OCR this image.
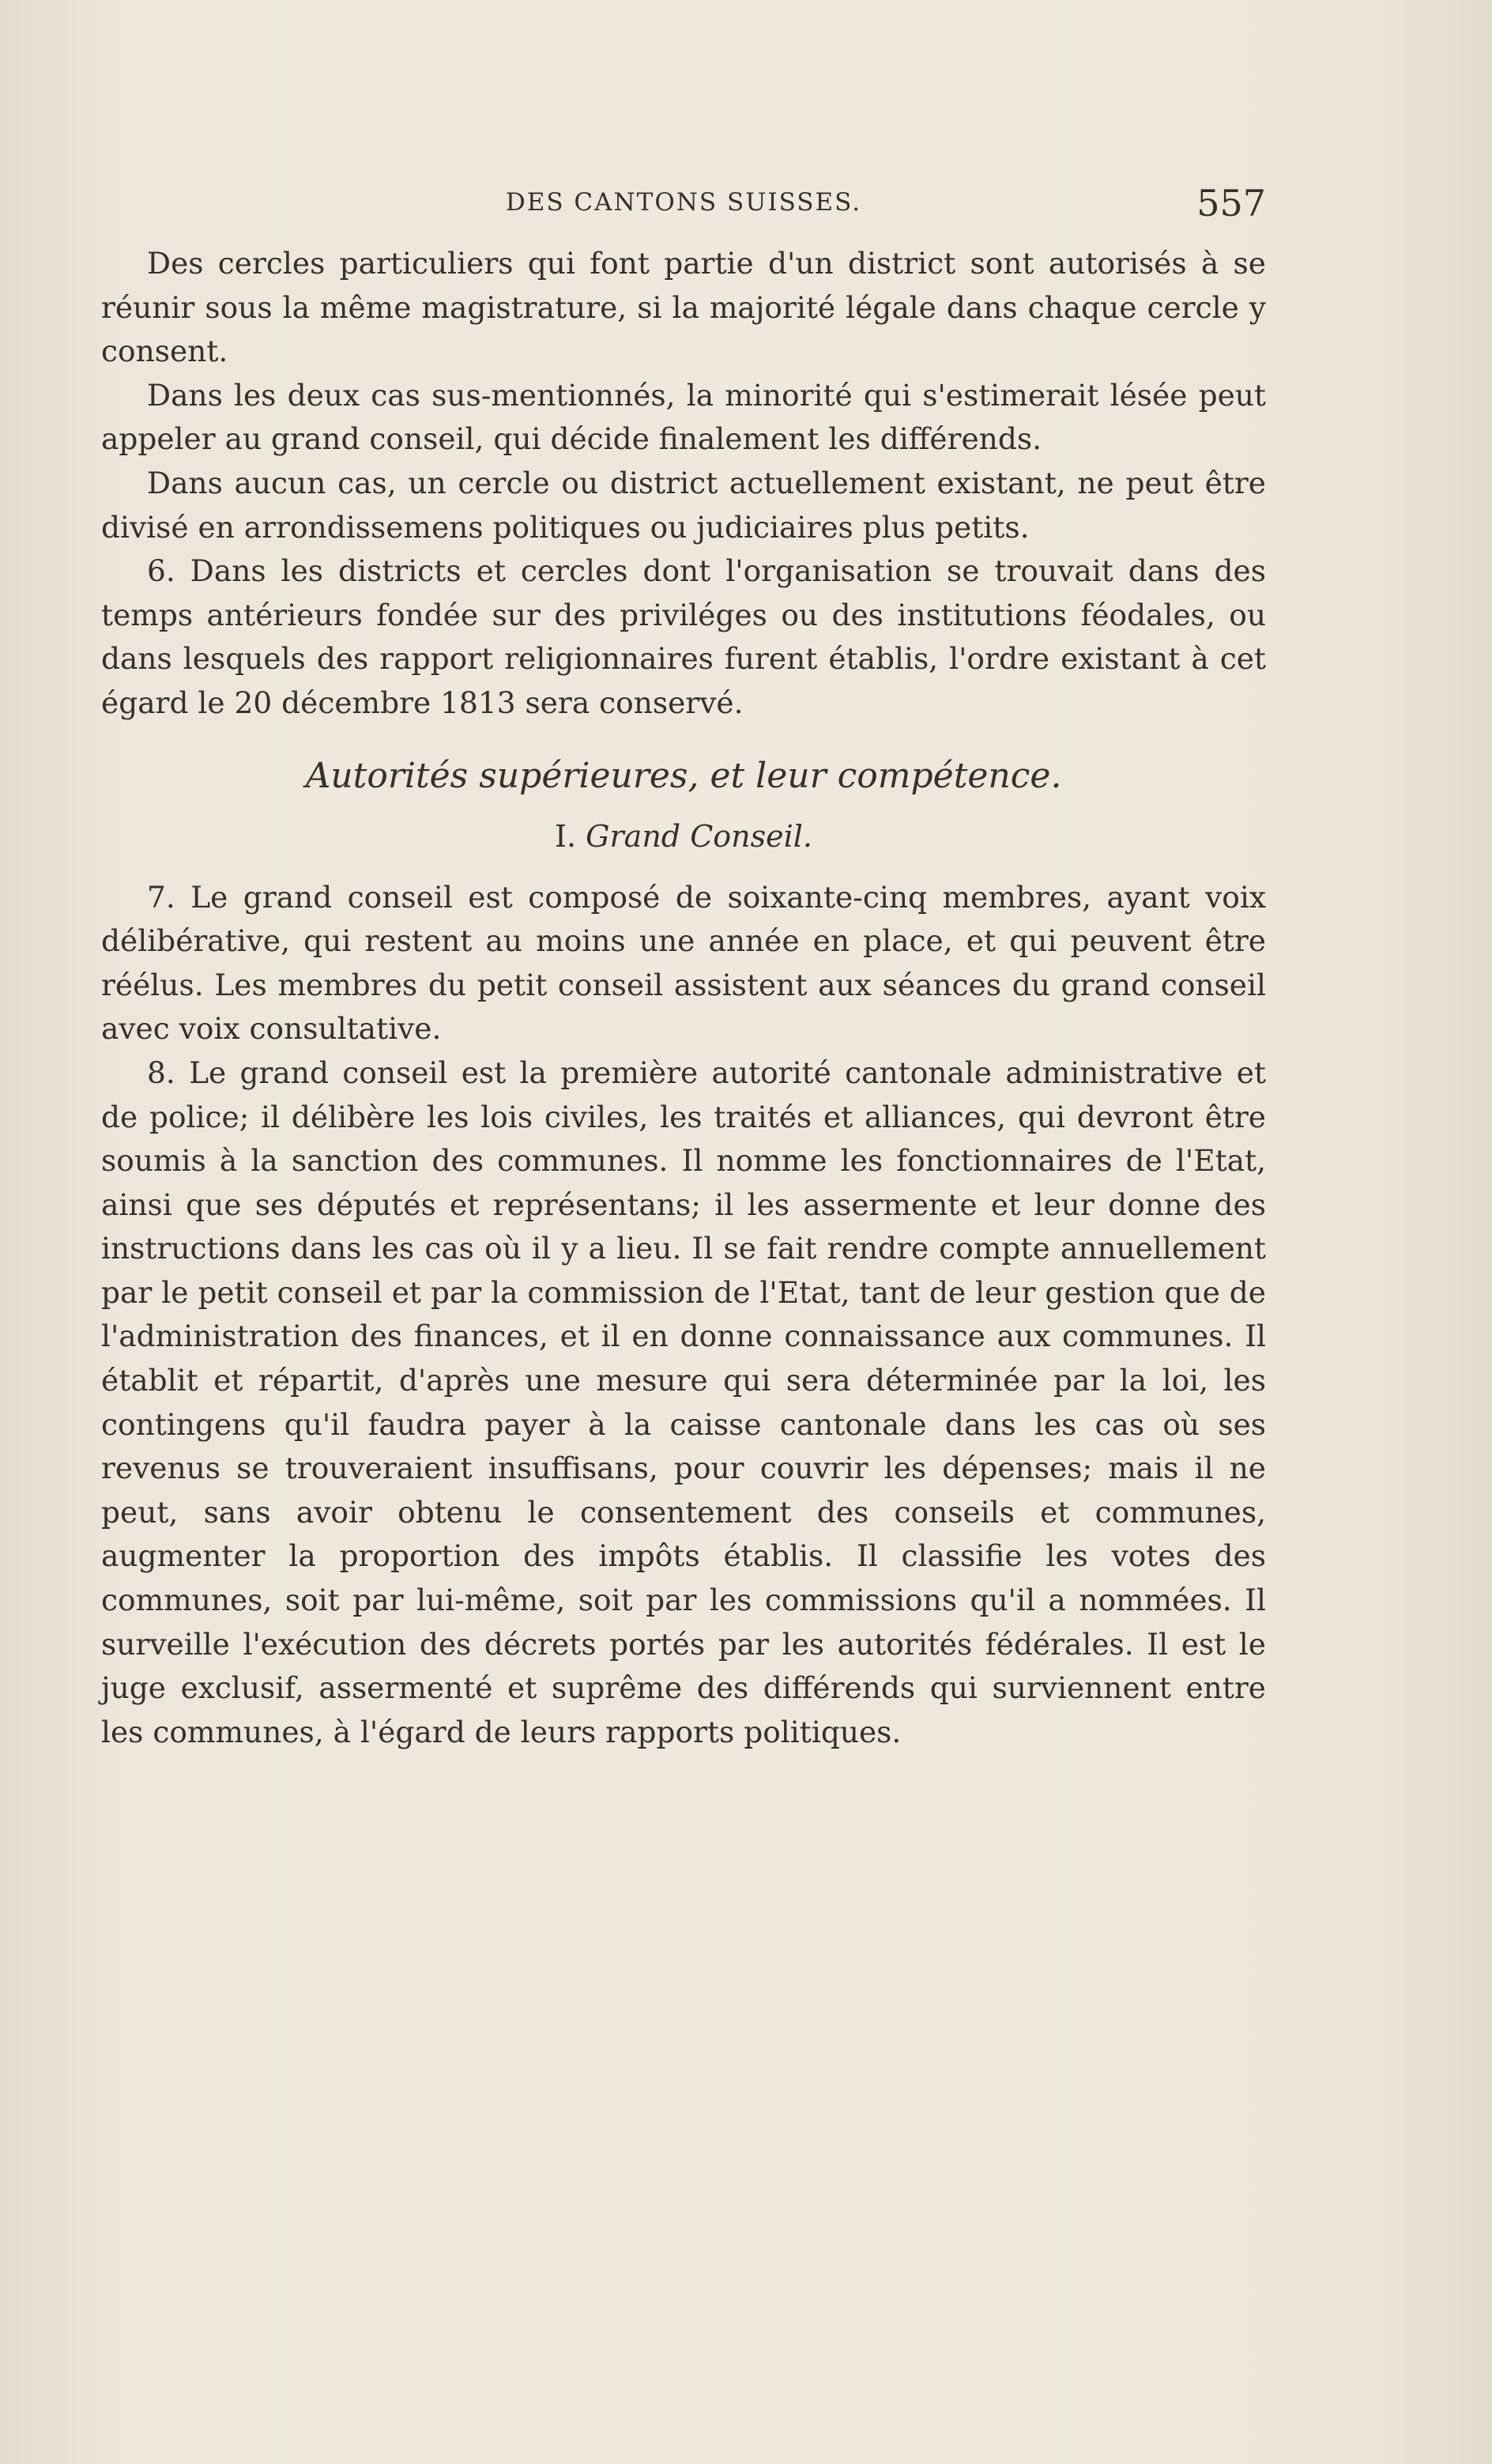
DES CANTONS SUISSES.	557

Des cercles particuliers qui font partie d'un district sont autorisés à se réunir sous la même magistrature, si la majorité légale dans chaque cercle y consent.

Dans les deux cas sus-mentionnés, la minorité qui s'estimerait lésée peut appeler au grand conseil, qui décide finalement les différends.

Dans aucun cas, un cercle ou district actuellement existant, ne peut être divisé en arrondissemens politiques ou judiciaires plus petits.

6. Dans les districts et cercles dont l'organisation se trouvait dans des temps antérieurs fondée sur des priviléges ou des institutions féodales, ou dans lesquels des rapport religionnaires furent établis, l'ordre existant à cet égard le 20 décembre 1813 sera conservé.

Autorités supérieures, et leur compétence.
I. Grand Conseil.

7. Le grand conseil est composé de soixante-cinq membres, ayant voix délibérative, qui restent au moins une année en place, et qui peuvent être réélus. Les membres du petit conseil assistent aux séances du grand conseil avec voix consultative.

8. Le grand conseil est la première autorité cantonale administrative et de police; il délibère les lois civiles, les traités et alliances, qui devront être soumis à la sanction des communes. Il nomme les fonctionnaires de l'Etat, ainsi que ses députés et représentans; il les assermente et leur donne des instructions dans les cas où il y a lieu. Il se fait rendre compte annuellement par le petit conseil et par la commission de l'Etat, tant de leur gestion que de l'administration des finances, et il en donne connaissance aux communes. Il établit et répartit, d'après une mesure qui sera déterminée par la loi, les contingens qu'il faudra payer à la caisse cantonale dans les cas où ses revenus se trouveraient insuffisans, pour couvrir les dépenses; mais il ne peut, sans avoir obtenu le consentement des conseils et communes, augmenter la proportion des impôts établis. Il classifie les votes des communes, soit par lui-même, soit par les commissions qu'il a nommées. Il surveille l'exécution des décrets portés par les autorités fédérales. Il est le juge exclusif, assermenté et suprême des différends qui surviennent entre les communes, à l'égard de leurs rapports politiques.
